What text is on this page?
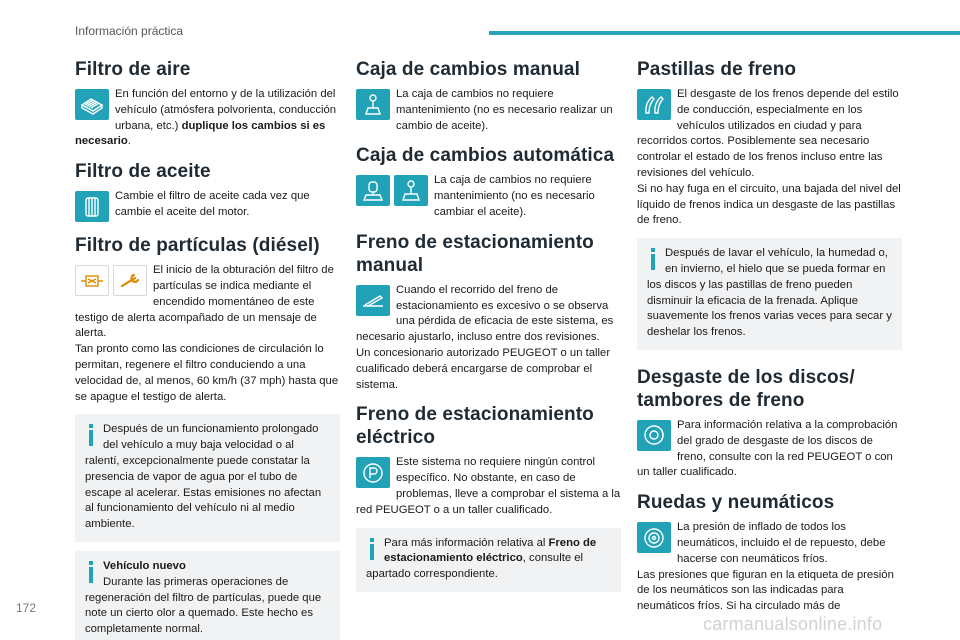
Información práctica
Filtro de aire

En función del entorno y de la utilización del vehículo (atmósfera polvorienta, conducción urbana, etc.) duplique los cambios si es necesario.

Filtro de aceite

Cambie el filtro de aceite cada vez que cambie el aceite del motor.

Filtro de partículas (diésel)

El inicio de la obturación del filtro de partículas se indica mediante el encendido momentáneo de este testigo de alerta acompañado de un mensaje de alerta.

Tan pronto como las condiciones de circulación lo permitan, regenere el filtro conduciendo a una velocidad de, al menos, 60 km/h (37 mph) hasta que se apague el testigo de alerta.

Después de un funcionamiento prolongado del vehículo a muy baja velocidad o al ralentí, excepcionalmente puede constatar la presencia de vapor de agua por el tubo de escape al acelerar. Estas emisiones no afectan al funcionamiento del vehículo ni al medio ambiente.

Vehículo nuevo

Durante las primeras operaciones de regeneración del filtro de partículas, puede que note un cierto olor a quemado. Este hecho es completamente normal.

Caja de cambios manual

La caja de cambios no requiere mantenimiento (no es necesario realizar un cambio de aceite).

Caja de cambios automática

La caja de cambios no requiere mantenimiento (no es necesario cambiar el aceite).

Freno de estacionamiento manual

Cuando el recorrido del freno de estacionamiento es excesivo o se observa una pérdida de eficacia de este sistema, es necesario ajustarlo, incluso entre dos revisiones.

Un concesionario autorizado PEUGEOT o un taller cualificado deberá encargarse de comprobar el sistema.

Freno de estacionamiento eléctrico

Este sistema no requiere ningún control específico. No obstante, en caso de problemas, lleve a comprobar el sistema a la red PEUGEOT o a un taller cualificado.

Para más información relativa al Freno de estacionamiento eléctrico, consulte el apartado correspondiente.

Pastillas de freno

El desgaste de los frenos depende del estilo de conducción, especialmente en los vehículos utilizados en ciudad y para recorridos cortos. Posiblemente sea necesario controlar el estado de los frenos incluso entre las revisiones del vehículo.

Si no hay fuga en el circuito, una bajada del nivel del líquido de frenos indica un desgaste de las pastillas de freno.

Después de lavar el vehículo, la humedad o, en invierno, el hielo que se pueda formar en los discos y las pastillas de freno pueden disminuir la eficacia de la frenada. Aplique suavemente los frenos varias veces para secar y deshelar los frenos.

Desgaste de los discos/ tambores de freno

Para información relativa a la comprobación del grado de desgaste de los discos de freno, consulte con la red PEUGEOT o con un taller cualificado.

Ruedas y neumáticos

La presión de inflado de todos los neumáticos, incluido el de repuesto, debe hacerse con neumáticos fríos.

Las presiones que figuran en la etiqueta de presión de los neumáticos son las indicadas para neumáticos fríos. Si ha circulado más de

172
carmanualsonline.info
